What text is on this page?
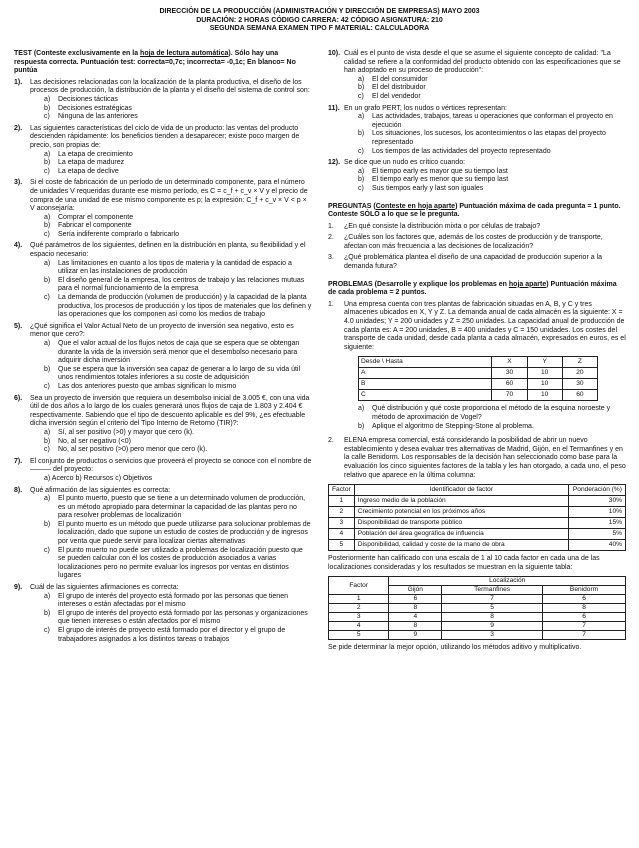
DIRECCIÓN DE LA PRODUCCIÓN (ADMINISTRACIÓN Y DIRECCIÓN DE EMPRESAS) MAYO 2003
DURACIÓN: 2 HORAS CÓDIGO CARRERA: 42 CÓDIGO ASIGNATURA: 210
SEGUNDA SEMANA EXAMEN TIPO F MATERIAL: CALCULADORA

TEST (Conteste exclusivamente en la hoja de lectura automática). Sólo hay una respuesta correcta. Puntuación test: correcta=0,7c; incorrecta= -0,1c; En blanco= No puntúa

1).	Las decisiones relacionadas con la localización de la planta productiva, el diseño de los procesos de producción, la distribución de la planta y el diseño del sistema de control son:
a)	Decisiones tácticas
b)	Decisiones estratégicas
c)	Ninguna de las anteriores
2).	Las siguientes características del ciclo de vida de un producto: las ventas del producto descienden rápidamente: los beneficios tienden a desaparecer; existe poco margen de precio, son propias de:
a)	La etapa de crecimiento
b)	La etapa de madurez
c)	La etapa de declive
3).	Si el coste de fabricación de un período de un determinado componente, para el número de unidades V requeridas durante ese mismo período, es C = c_f + c_v × V y el precio de compra de una unidad de ese mismo componente es p; la expresión: C_f + c_v × V < p × V aconsejaría:
a)	Comprar el componente
b)	Fabricar el componente
c)	Sería indiferente comprarlo o fabricarlo
4).	Qué parámetros de los siguientes, definen en la distribución en planta, su flexibilidad y el espacio necesario:
a)	Las limitaciones en cuanto a los tipos de materia y la cantidad de espacio a utilizar en las instalaciones de producción
b)	El diseño general de la empresa, los centros de trabajo y las relaciones mutuas para el normal funcionamiento de la empresa
c)	La demanda de producción (volumen de producción) y la capacidad de la planta productiva, los procesos de producción y los tipos de materiales que los definen y las operaciones que los componen así como los medios de trabajo
5).	¿Qué significa el Valor Actual Neto de un proyecto de inversión sea negativo, esto es menor que cero?:
a)	Que el valor actual de los flujos netos de caja que se espera que se obtengan durante la vida de la inversión será menor que el desembolso necesario para adquirir dicha inversión
b)	Que se espera que la inversión sea capaz de generar a lo largo de su vida útil unos rendimientos totales inferiores a su coste de adquisición
c)	Las dos anteriores puesto que ambas significan lo mismo
6).	Sea un proyecto de inversión que requiera un desembolso inicial de 3.005 €, con una vida útil de dos años a lo largo de los cuales generará unos flujos de caja de 1.803 y 2.404 € respectivamente. Sabiendo que el tipo de descuento aplicable es del 9%, ¿es efectuable dicha inversión según el criterio del Tipo Interno de Retorno (TIR)?:
a)	Sí, al ser positivo (>0) y mayor que cero (k).
b)	No, al ser negativo (<0)
c)	No, al ser positivo (>0) pero menor que cero (k).
7).	El conjunto de productos o servicios que proveerá el proyecto se conoce con el nombre de ——— del proyecto:
a) Acerco b) Recursos c) Objetivos
8).	Qué afirmación de las siguientes es correcta:
a)	El punto muerto, puesto que se tiene a un determinado volumen de producción, es un método apropiado para determinar la capacidad de las plantas pero no para resolver problemas de localización
b)	El punto muerto es un método que puede utilizarse para solucionar problemas de localización, dado que supone un estudio de costes de producción y de ingresos por venta que puede servir para localizar ciertas alternativas
c)	El punto muerto no puede ser utilizado a problemas de localización puesto que se pueden calcular con él los costes de producción asociados a varias localizaciones pero no permite evaluar los ingresos por ventas en distintos lugares
9).	Cuál de las siguientes afirmaciones es correcta:
a)	El grupo de interés del proyecto está formado por las personas que tienen intereses o están afectadas por el mismo
b)	El grupo de interés del proyecto está formado por las personas y organizaciones que tienen intereses o están afectados por el mismo
c)	El grupo de interés de proyecto está formado por el director y el grupo de trabajadores asignados a los distintos tareas o trabajos
10). Cuál es el punto de vista desde el que se asume el siguiente concepto de calidad: "La calidad se refiere a la conformidad del producto obtenido con las especificaciones que se han adoptado en su proceso de producción":
a)	El del consumidor
b)	El del distribuidor
c)	El del vendedor
11). En un grafo PERT, los nudos o vértices representan:
a)	Las actividades, trabajos, tareas u operaciones que conforman el proyecto en ejecución
b)	Los situaciones, los sucesos, los acontecimientos o las etapas del proyecto representado
c)	Los tiempos de las actividades del proyecto representado
12). Se dice que un nudo es crítico cuando:
a)	El tiempo early es mayor que su tiempo last
b)	El tiempo early es menor que su tiempo last
c)	Sus tiempos early y last son iguales

PREGUNTAS (Conteste en hoja aparte) Puntuación máxima de cada pregunta = 1 punto. Conteste SÓLO a lo que se le pregunta.

1.	¿En qué consiste la distribución mixta o por células de trabajo?
2.	¿Cuáles son los factores que, además de los costes de producción y de transporte, afectan con más frecuencia a las decisiones de localización?
3.	¿Qué problemática plantea el diseño de una capacidad de producción superior a la demanda futura?

PROBLEMAS (Desarrolle y explique los problemas en hoja aparte) Puntuación máxima de cada problema = 2 puntos.

1.	Una empresa cuenta con tres plantas de fabricación situadas en A, B, y C y tres almacenes ubicados en X, Y y Z. La demanda anual de cada almacén es la siguiente: X = 4.0 unidades; Y = 200 unidades y Z = 250 unidades. La capacidad anual de producción de cada planta es: A = 200 unidades, B = 400 unidades y C = 150 unidades. Los costes del transporte de cada unidad, desde cada planta a cada almacén, expresados en euros, es el siguiente:
Desde \ Hasta	X	Y	Z
A	30	10	20
B	60	10	30
C	70	10	60
a)	Qué distribución y qué coste proporciona el método de la esquina noroeste y método de aproximación de Vogel?
b)	Aplique el algoritmo de Stepping-Stone al problema.
2.	ELENA empresa comercial, está considerando la posibilidad de abrir un nuevo establecimiento y desea evaluar tres alternativas de Madrid, Gijón, en el Termanfines y en la calle Benidorm. Los responsables de la decisión han seleccionado como base para la evaluación los cinco siguientes factores de la tabla y les han otorgado, a cada uno, el peso relativo que aparece en la última columna:
Factor	Identificador de factor	Ponderación (%)
1	Ingreso medio de la población	30%
2	Crecimiento potencial en los próximos años	10%
3	Disponibilidad de transporte público	15%
4	Población del área geográfica de influencia	5%
5	Disponibilidad, calidad y coste de la mano de obra	40%

Posteriormente han calificado con una escala de 1 al 10 cada factor en cada una de las localizaciones consideradas y los resultados se muestran en la siguiente tabla:

Factor	Localización		
	Gijón	Termanfines	Benidorm
1	6	7	6
2	8	5	8
3	4	8	6
4	8	9	7
5	9	3	7

Se pide determinar la mejor opción, utilizando los métodos aditivo y multiplicativo.
